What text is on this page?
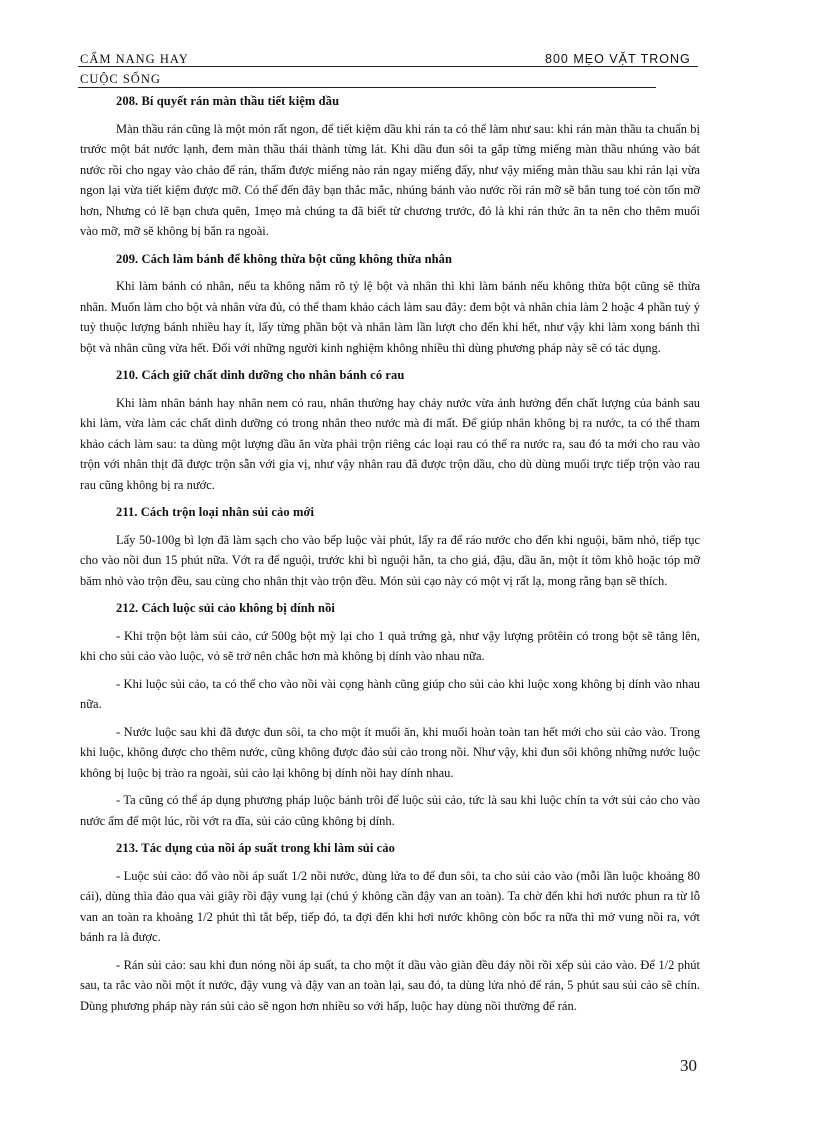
CẨM NANG HAY	800 MẸO VẶT TRONG
CUỘC SỐNG

208. Bí quyết rán màn thầu tiết kiệm dầu

Màn thầu rán cũng là một món rất ngon, để tiết kiệm dầu khi rán ta có thể làm như sau: khi rán màn thầu ta chuẩn bị trước một bát nước lạnh, đem màn thầu thái thành từng lát. Khi dầu đun sôi ta gắp từng miếng màn thầu nhúng vào bát nước rồi cho ngay vào chảo để rán, thấm được miếng nào rán ngay miếng đấy, như vậy miếng màn thầu sau khi rán lại vừa ngon lại vừa tiết kiệm được mỡ. Có thể đến đây bạn thắc mắc, nhúng bánh vào nước rồi rán mỡ sẽ bắn tung toé còn tốn mỡ hơn, Nhưng có lẽ bạn chưa quên, 1mẹo mà chúng ta đã biết từ chương trước, đó là khi rán thức ăn ta nên cho thêm muối vào mỡ, mỡ sẽ không bị bắn ra ngoài.

209. Cách làm bánh để không thừa bột cũng không thừa nhân

Khi làm bánh có nhân, nếu ta không nắm rõ tỷ lệ bột và nhân thì khi làm bánh nếu không thừa bột cũng sẽ thừa nhân. Muốn làm cho bột và nhân vừa đủ, có thể tham khảo cách làm sau đây: đem bột và nhân chia làm 2 hoặc 4 phần tuỳ ý tuỳ thuộc lượng bánh nhiều hay ít, lấy từng phần bột và nhân làm lần lượt cho đến khi hết, như vậy khi làm xong bánh thì bột và nhân cũng vừa hết. Đối với những người kinh nghiệm không nhiều thì dùng phương pháp này sẽ có tác dụng.

210. Cách giữ chất dinh dưỡng cho nhân bánh có rau

Khi làm nhân bánh hay nhân nem có rau, nhân thường hay chảy nước vừa ảnh hưởng đến chất lượng của bánh sau khi làm, vừa làm các chất dinh dưỡng có trong nhân theo nước mà đi mất. Để giúp nhân không bị ra nước, ta có thể tham khảo cách làm sau: ta dùng một lượng dầu ăn vừa phải trộn riêng các loại rau có thể ra nước ra, sau đó ta mới cho rau vào trộn với nhân thịt đã được trộn sẵn với gia vị, như vậy nhân rau đã được trộn dầu, cho dù dùng muối trực tiếp trộn vào rau rau cũng không bị ra nước.

211. Cách trộn loại nhân sủi cảo mới

Lấy 50-100g bì lợn đã làm sạch cho vào bếp luộc vài phút, lấy ra để ráo nước cho đến khi nguội, băm nhỏ, tiếp tục cho vào nồi đun 15 phút nữa. Vớt ra để nguội, trước khi bì nguội hẳn, ta cho giá, đậu, dầu ăn, một ít tôm khô hoặc tóp mỡ băm nhỏ vào trộn đều, sau cùng cho nhân thịt vào trộn đều. Món sủi cạo này có một vị rất lạ, mong rằng bạn sẽ thích.

212. Cách luộc sủi cảo không bị dính nồi

- Khi trộn bột làm sủi cảo, cứ 500g bột mỳ lại cho 1 quả trứng gà, như vậy lượng prôtêin có trong bột sẽ tăng lên, khi cho sủi cảo vào luộc, vỏ sẽ trở nên chắc hơn mà không bị dính vào nhau nữa.

- Khi luộc sủi cảo, ta có thể cho vào nồi vài cọng hành cũng giúp cho sủi cảo khi luộc xong không bị dính vào nhau nữa.

- Nước luộc sau khi đã được đun sôi, ta cho một ít muối ăn, khi muối hoàn toàn tan hết mới cho sủi cảo vào. Trong khi luộc, không được cho thêm nước, cũng không được đảo sủi cảo trong nồi. Như vậy, khi đun sôi không những nước luộc không bị luộc bị trào ra ngoài, sủi cảo lại không bị dính nồi hay dính nhau.

- Ta cũng có thể áp dụng phương pháp luộc bánh trôi để luộc sủi cảo, tức là sau khi luộc chín ta vớt sủi cảo cho vào nước ấm để một lúc, rồi vớt ra đĩa, sủi cảo cũng không bị dính.

213. Tác dụng của nồi áp suất trong khi làm sủi cảo

- Luộc sủi cảo: đổ vào nồi áp suất 1/2 nồi nước, dùng lửa to để đun sôi, ta cho sủi cảo vào (mỗi lần luộc khoảng 80 cái), dùng thìa đảo qua vài giây rồi đậy vung lại (chú ý không cần đậy van an toàn). Ta chờ đến khi hơi nước phun ra từ lỗ van an toàn ra khoảng 1/2 phút thì tắt bếp, tiếp đó, ta đợi đến khi hơi nước không còn bốc ra nữa thì mở vung nồi ra, vớt bánh ra là được.

- Rán sủi cảo: sau khi đun nóng nồi áp suất, ta cho một ít dầu vào giàn đều đáy nồi rồi xếp sủi cảo vào. Để 1/2 phút sau, ta rắc vào nồi một ít nước, đậy vung và đậy van an toàn lại, sau đó, ta dùng lửa nhỏ để rán, 5 phút sau sủi cảo sẽ chín. Dùng phương pháp này rán sủi cảo sẽ ngon hơn nhiều so với hấp, luộc hay dùng nồi thường để rán.

30
